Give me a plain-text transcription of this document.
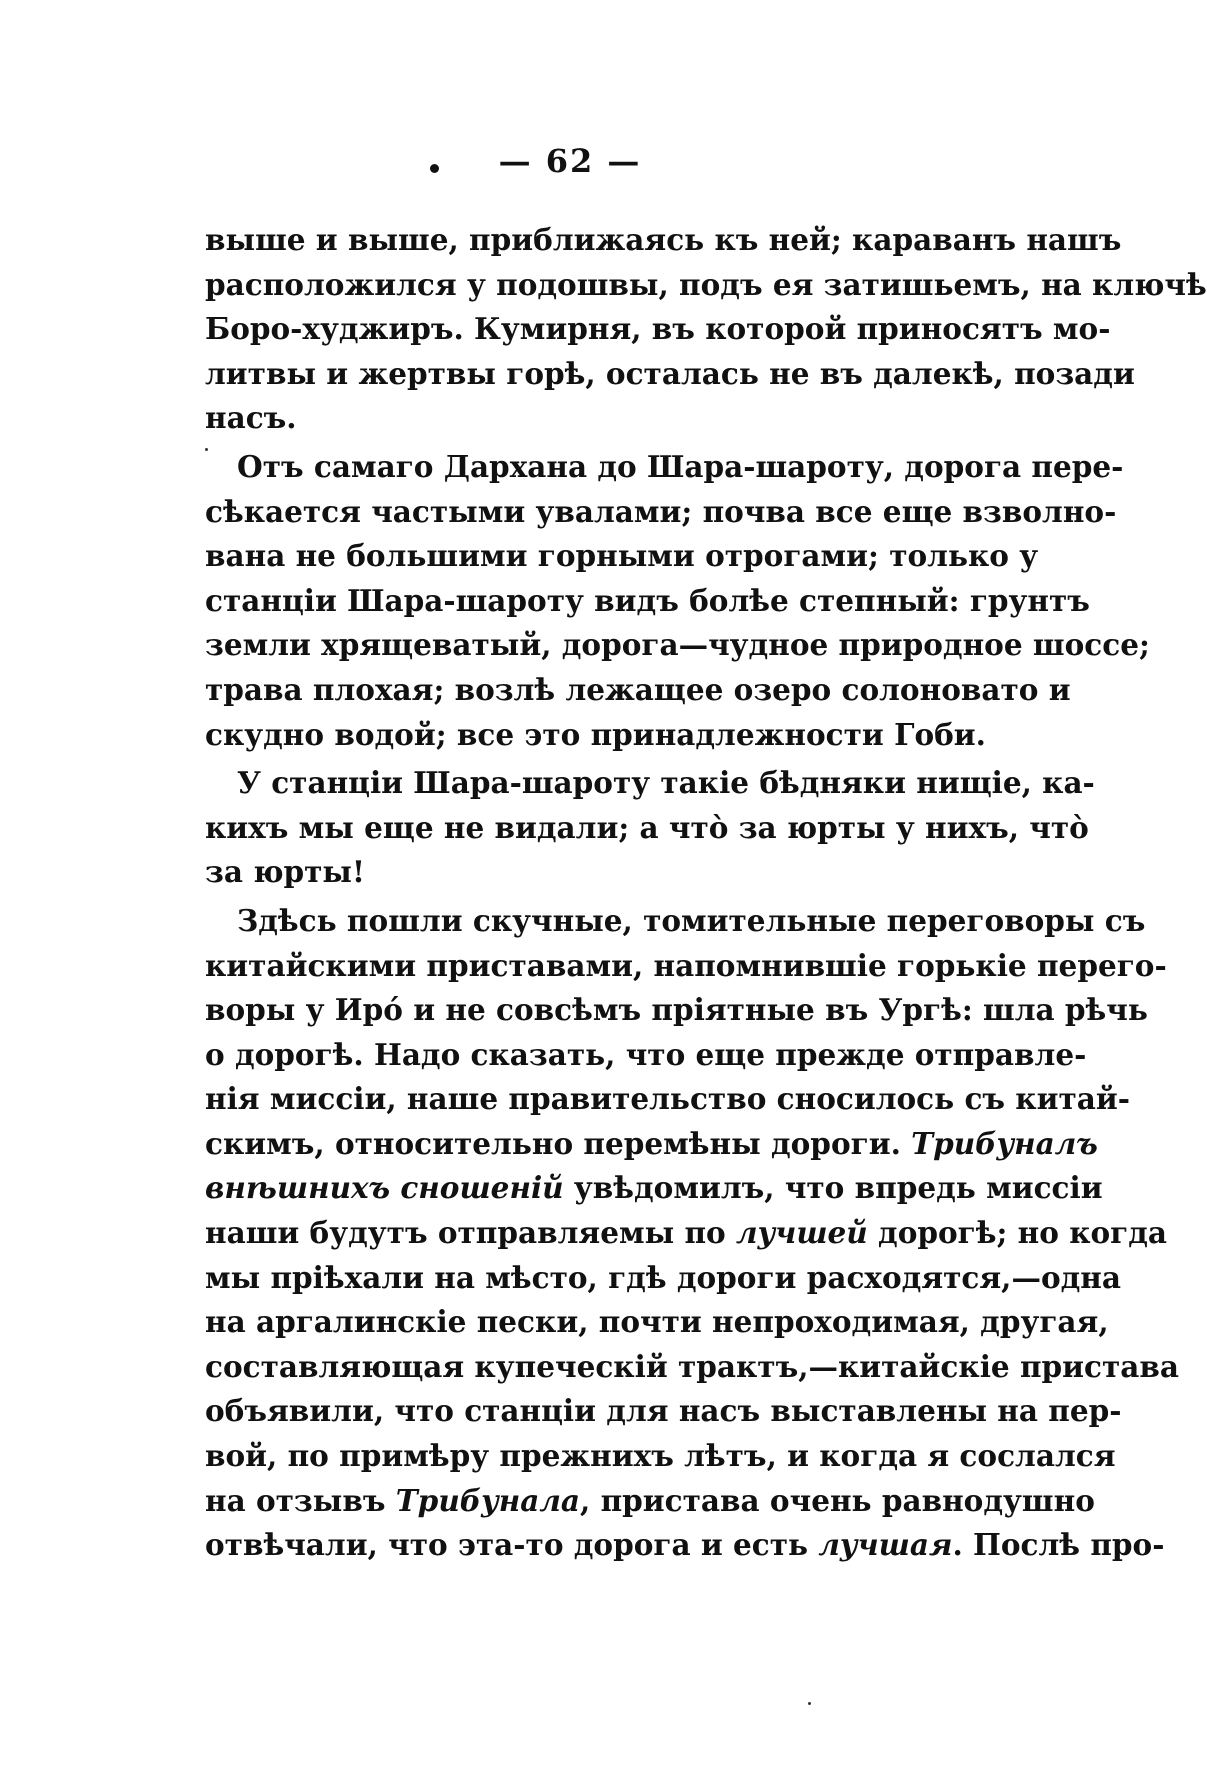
— 62 —
выше и выше, приближаясь къ ней; караванъ нашъ
расположился у подошвы, подъ ея затишьемъ, на ключѣ
Боро-худжиръ. Кумирня, въ которой приносятъ мо-
литвы и жертвы горѣ, осталась не въ далекѣ, позади
насъ.
Отъ самаго Дархана до Шара-шароту, дорога пере-
сѣкается частыми увалами; почва все еще взволно-
вана не большими горными отрогами; только у
станціи Шара-шароту видъ болѣе степный: грунтъ
земли хрящеватый, дорога—чудное природное шоссе;
трава плохая; возлѣ лежащее озеро солоновато и
скудно водой; все это принадлежности Гоби.
У станціи Шара-шароту такіе бѣдняки нищіе, ка-
кихъ мы еще не видали; а что̀ за юрты у нихъ, что̀
за юрты!
Здѣсь пошли скучные, томительные переговоры съ
китайскими приставами, напомнившіе горькіе перего-
воры у Иро́ и не совсѣмъ пріятные въ Ургѣ: шла рѣчь
о дорогѣ. Надо сказать, что еще прежде отправле-
нія миссіи, наше правительство сносилось съ китай-
скимъ, относительно перемѣны дороги. Трибуналъ
внѣшнихъ сношеній увѣдомилъ, что впредь миссіи
наши будутъ отправляемы по лучшей дорогѣ; но когда
мы пріѣхали на мѣсто, гдѣ дороги расходятся,—одна
на аргалинскіе пески, почти непроходимая, другая,
составляющая купеческій трактъ,—китайскіе пристава
объявили, что станціи для насъ выставлены на пер-
вой, по примѣру прежнихъ лѣтъ, и когда я сослался
на отзывъ Трибунала, пристава очень равнодушно
отвѣчали, что эта-то дорога и есть лучшая. Послѣ про-
